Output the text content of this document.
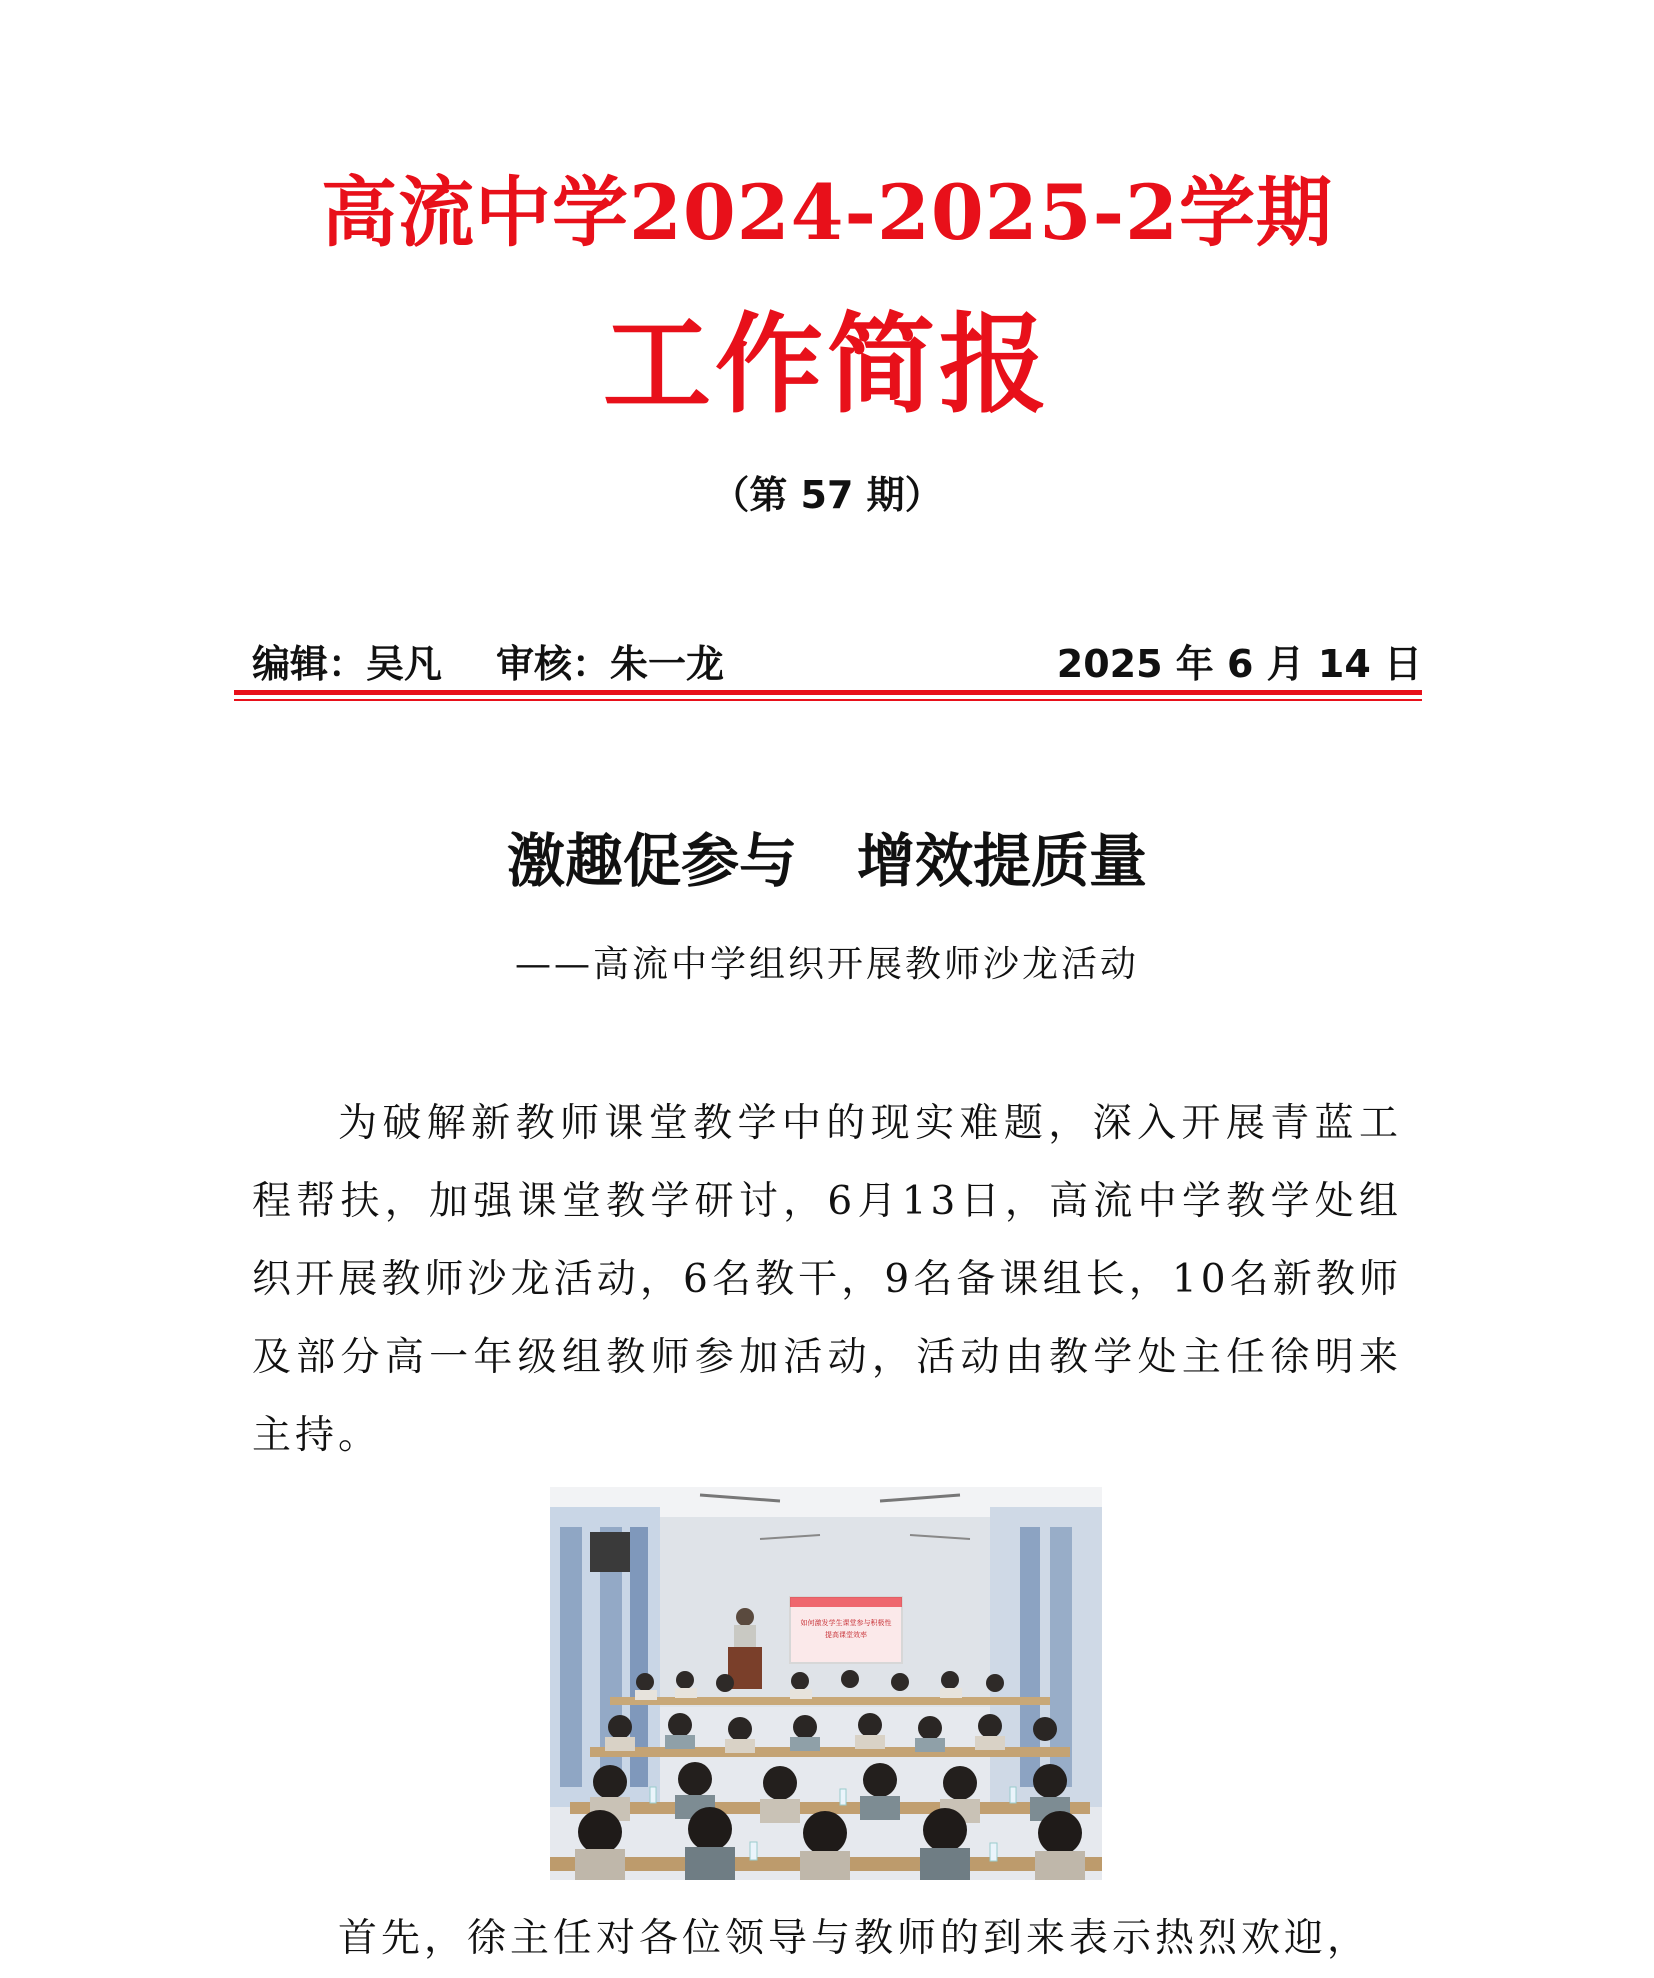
高流中学2024-2025-2学期
工作简报
（第 57 期）
编辑：吴凡 审核：朱一龙	2025 年 6 月 14 日
激趣促参与 增效提质量
——高流中学组织开展教师沙龙活动

为破解新教师课堂教学中的现实难题，深入开展青蓝工程帮扶，加强课堂教学研讨，6月13日，高流中学教学处组织开展教师沙龙活动，6名教干，9名备课组长，10名新教师及部分高一年级组教师参加活动，活动由教学处主任徐明来主持。

如何激发学生课堂参与积极性
提高课堂效率

首先，徐主任对各位领导与教师的到来表示热烈欢迎，
